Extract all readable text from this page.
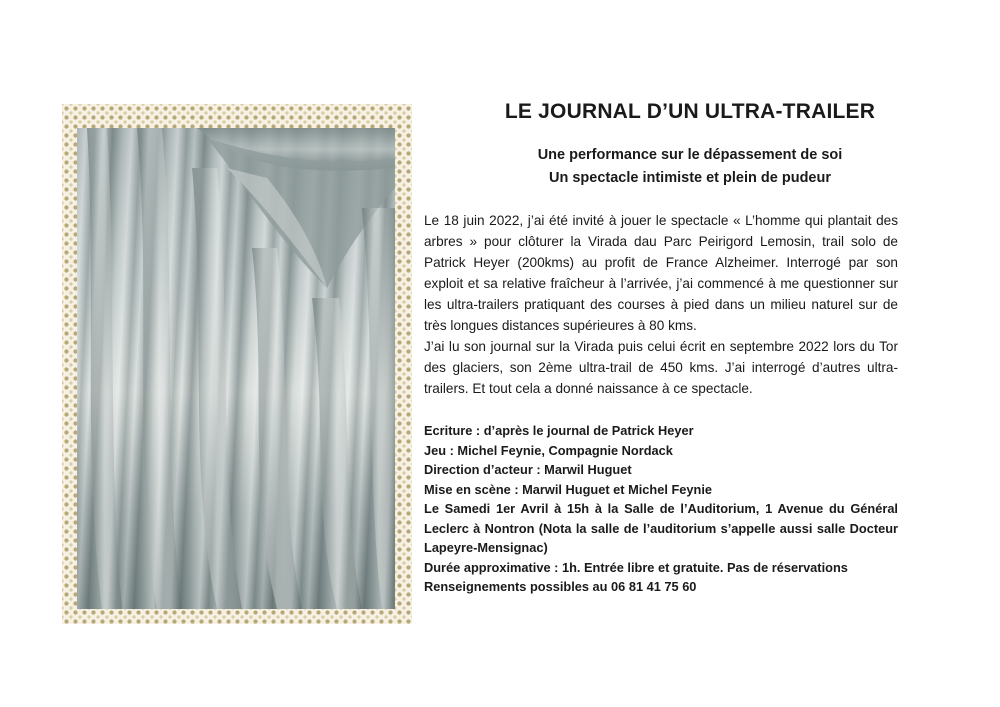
LE JOURNAL D’UN ULTRA-TRAILER
Une performance sur le dépassement de soi
Un spectacle intimiste et plein de pudeur

Le 18 juin 2022, j’ai été invité à jouer le spectacle « L’homme qui plantait des arbres » pour clôturer la Virada dau Parc Peirigord Lemosin, trail solo de Patrick Heyer (200kms) au profit de France Alzheimer. Interrogé par son exploit et sa relative fraîcheur à l’arrivée, j’ai commencé à me questionner sur les ultra-trailers pratiquant des courses à pied dans un milieu naturel sur de très longues distances supérieures à 80 kms.

J’ai lu son journal sur la Virada puis celui écrit en septembre 2022 lors du Tor des glaciers, son 2ème ultra-trail de 450 kms. J’ai interrogé d’autres ultra-trailers. Et tout cela a donné naissance à ce spectacle.

Ecriture : d’après le journal de Patrick Heyer
Jeu : Michel Feynie, Compagnie Nordack
Direction d’acteur : Marwil Huguet
Mise en scène : Marwil Huguet et Michel Feynie
Le Samedi 1er Avril à 15h à la Salle de l’Auditorium, 1 Avenue du Général Leclerc à Nontron (Nota la salle de l’auditorium s’appelle aussi salle Docteur Lapeyre-Mensignac)
Durée approximative : 1h. Entrée libre et gratuite. Pas de réservations
Renseignements possibles au 06 81 41 75 60
